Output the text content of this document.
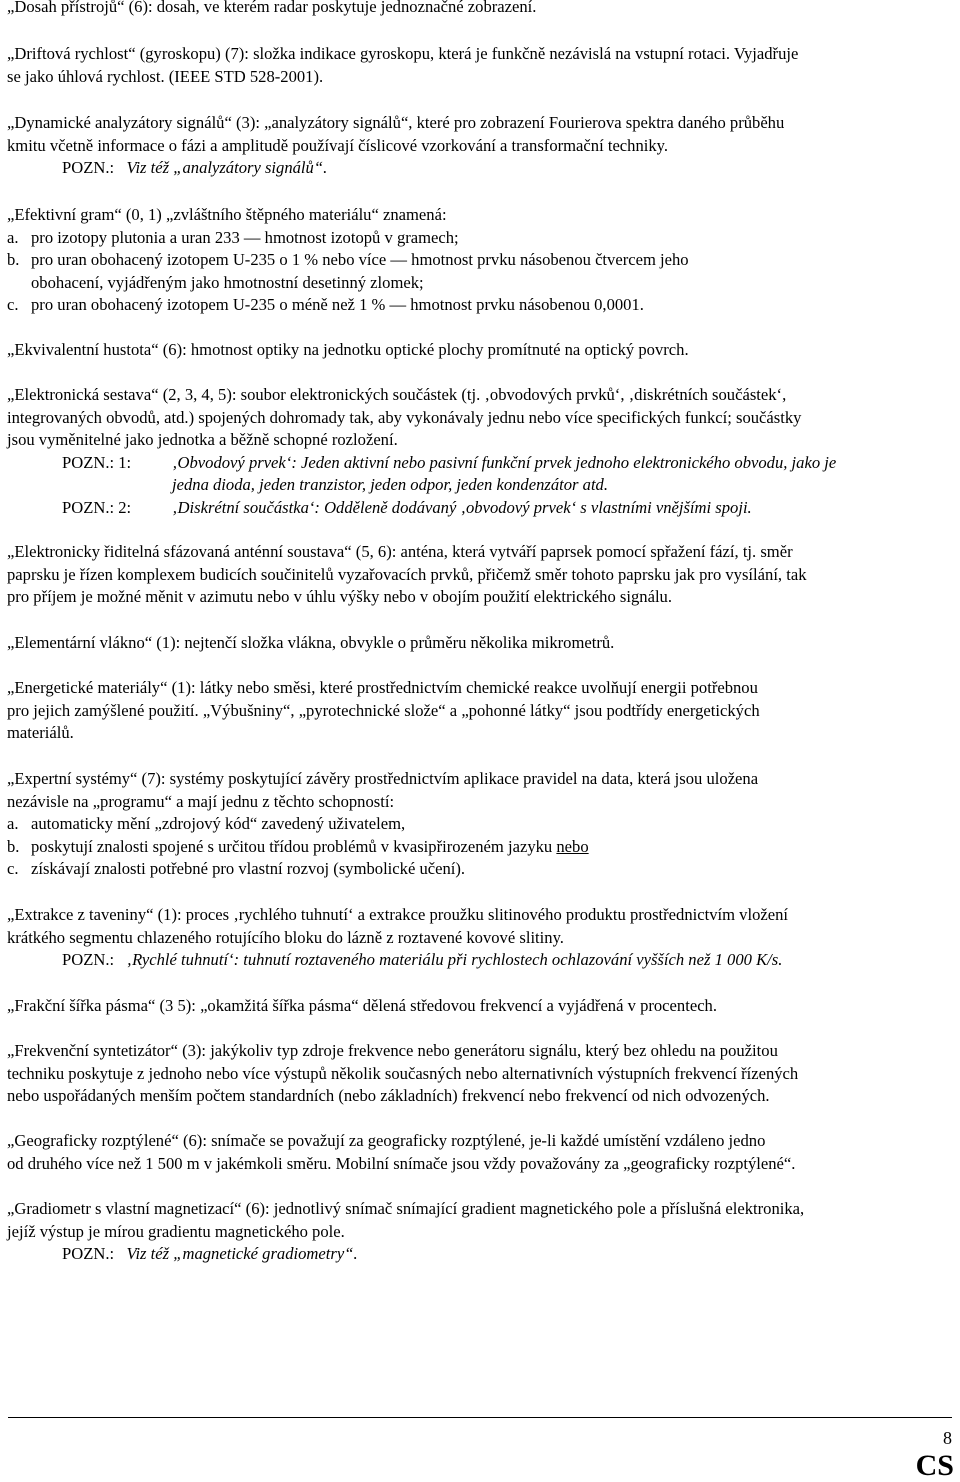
„Dosah přístrojů“ (6): dosah, ve kterém radar poskytuje jednoznačné zobrazení.

„Driftová rychlost“ (gyroskopu) (7): složka indikace gyroskopu, která je funkčně nezávislá na vstupní rotaci. Vyjadřuje

se jako úhlová rychlost. (IEEE STD 528-2001).

„Dynamické analyzátory signálů“ (3): „analyzátory signálů“, které pro zobrazení Fourierova spektra daného průběhu

kmitu včetně informace o fázi a amplitudě používají číslicové vzorkování a transformační techniky.

POZN.: Viz též „analyzátory signálů“.

„Efektivní gram“ (0, 1) „zvláštního štěpného materiálu“ znamená:

a. pro izotopy plutonia a uran 233 — hmotnost izotopů v gramech;

b. pro uran obohacený izotopem U-235 o 1 % nebo více — hmotnost prvku násobenou čtvercem jeho

obohacení, vyjádřeným jako hmotnostní desetinný zlomek;

c. pro uran obohacený izotopem U-235 o méně než 1 % — hmotnost prvku násobenou 0,0001.

„Ekvivalentní hustota“ (6): hmotnost optiky na jednotku optické plochy promítnuté na optický povrch.

„Elektronická sestava“ (2, 3, 4, 5): soubor elektronických součástek (tj. ‚obvodových prvků‘, ‚diskrétních součástek‘,

integrovaných obvodů, atd.) spojených dohromady tak, aby vykonávaly jednu nebo více specifických funkcí; součástky

jsou vyměnitelné jako jednotka a běžně schopné rozložení.

POZN.: 1: ‚Obvodový prvek‘: Jeden aktivní nebo pasivní funkční prvek jednoho elektronického obvodu, jako je

jedna dioda, jeden tranzistor, jeden odpor, jeden kondenzátor atd.

POZN.: 2: ‚Diskrétní součástka‘: Odděleně dodávaný ‚obvodový prvek‘ s vlastními vnějšími spoji.

„Elektronicky řiditelná sfázovaná anténní soustava“ (5, 6): anténa, která vytváří paprsek pomocí spřažení fází, tj. směr

paprsku je řízen komplexem budicích součinitelů vyzařovacích prvků, přičemž směr tohoto paprsku jak pro vysílání, tak

pro příjem je možné měnit v azimutu nebo v úhlu výšky nebo v obojím použití elektrického signálu.

„Elementární vlákno“ (1): nejtenčí složka vlákna, obvykle o průměru několika mikrometrů.

„Energetické materiály“ (1): látky nebo směsi, které prostřednictvím chemické reakce uvolňují energii potřebnou

pro jejich zamýšlené použití. „Výbušniny“, „pyrotechnické slože“ a „pohonné látky“ jsou podtřídy energetických

materiálů.

„Expertní systémy“ (7): systémy poskytující závěry prostřednictvím aplikace pravidel na data, která jsou uložena

nezávisle na „programu“ a mají jednu z těchto schopností:

a. automaticky mění „zdrojový kód“ zavedený uživatelem,

b. poskytují znalosti spojené s určitou třídou problémů v kvasipřirozeném jazyku nebo

c. získávají znalosti potřebné pro vlastní rozvoj (symbolické učení).

„Extrakce z taveniny“ (1): proces ‚rychlého tuhnutí‘ a extrakce proužku slitinového produktu prostřednictvím vložení

krátkého segmentu chlazeného rotujícího bloku do lázně z roztavené kovové slitiny.

POZN.: ‚Rychlé tuhnutí‘: tuhnutí roztaveného materiálu při rychlostech ochlazování vyšších než 1 000 K/s.

„Frakční šířka pásma“ (3 5): „okamžitá šířka pásma“ dělená středovou frekvencí a vyjádřená v procentech.

„Frekvenční syntetizátor“ (3): jakýkoliv typ zdroje frekvence nebo generátoru signálu, který bez ohledu na použitou

techniku poskytuje z jednoho nebo více výstupů několik současných nebo alternativních výstupních frekvencí řízených

nebo uspořádaných menším počtem standardních (nebo základních) frekvencí nebo frekvencí od nich odvozených.

„Geograficky rozptýlené“ (6): snímače se považují za geograficky rozptýlené, je-li každé umístění vzdáleno jedno

od druhého více než 1 500 m v jakémkoli směru. Mobilní snímače jsou vždy považovány za „geograficky rozptýlené“.

„Gradiometr s vlastní magnetizací“ (6): jednotlivý snímač snímající gradient magnetického pole a příslušná elektronika,

jejíž výstup je mírou gradientu magnetického pole.

POZN.: Viz též „magnetické gradiometry“.

8
CS
